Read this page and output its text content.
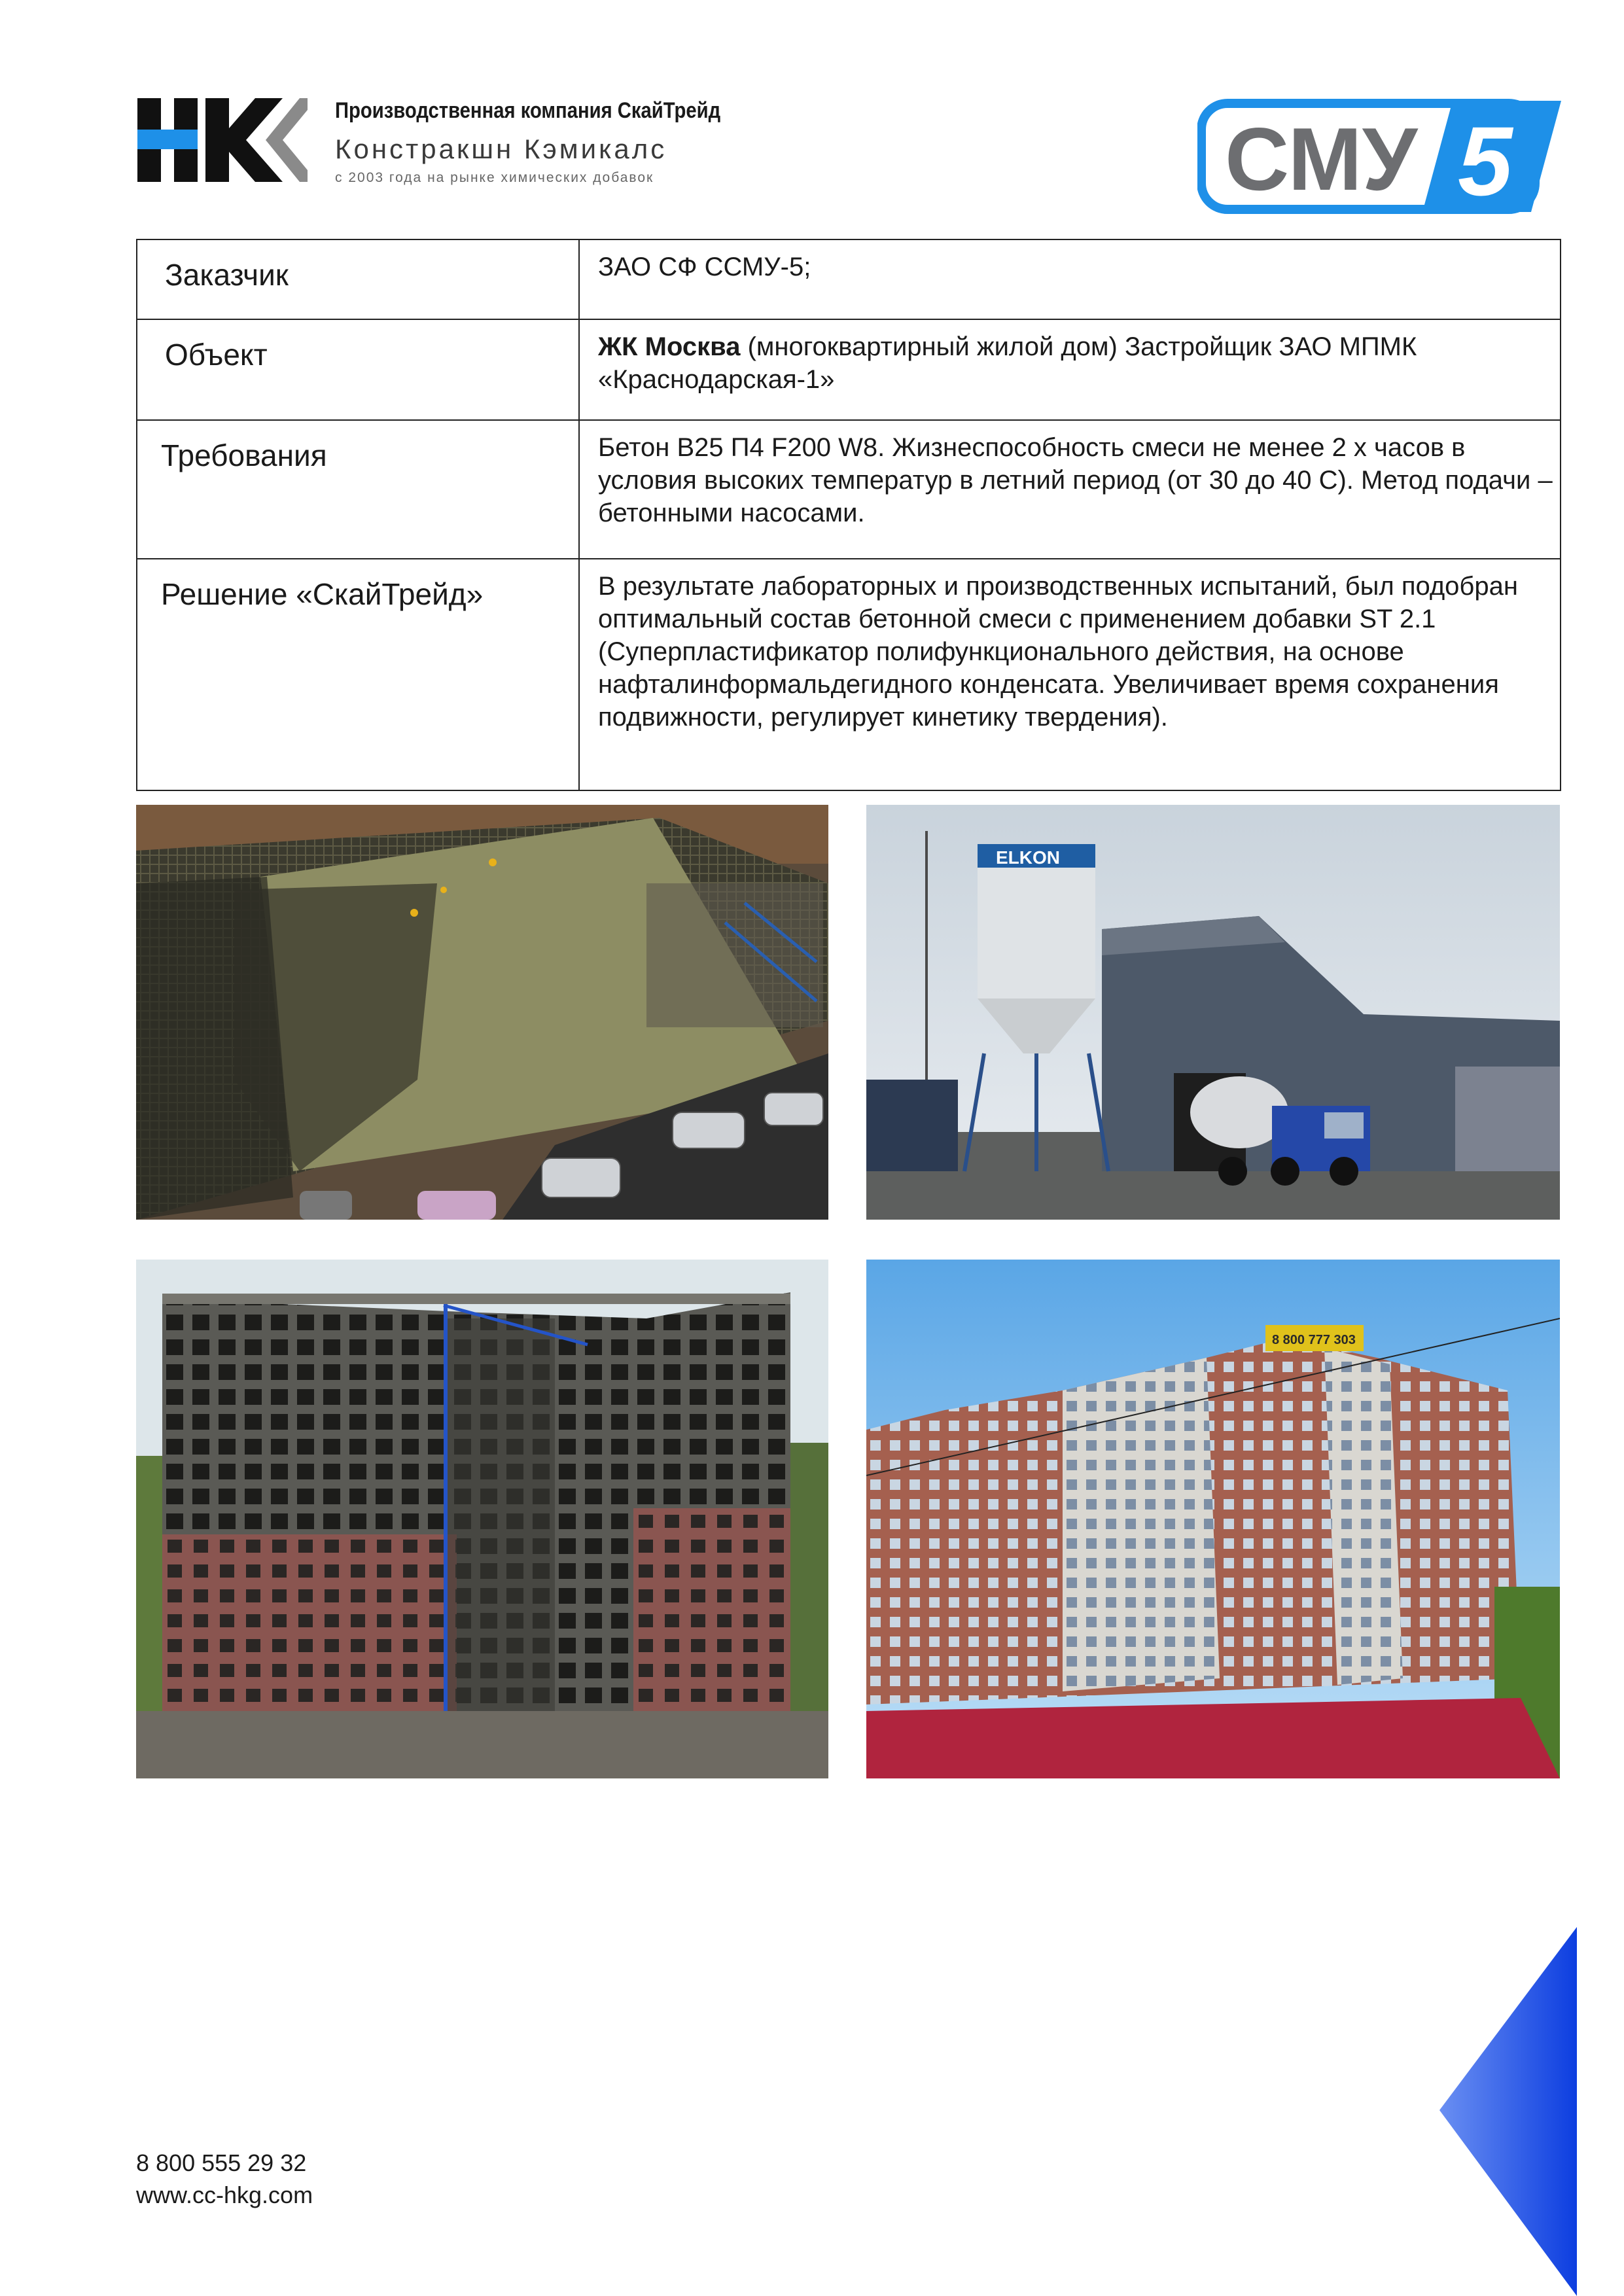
Производственная компания СкайТрейд
Констракшн Кэмикалс
с 2003 года на рынке химических добавок	СМУ 5
Заказчик	ЗАО СФ ССМУ-5;
Объект	ЖК Москва (многоквартирный жилой дом) Застройщик ЗАО МПМК «Краснодарская-1»
Требования	Бетон В25 П4 F200 W8. Жизнеспособность смеси не менее 2 х часов в условия высоких температур в летний период (от 30 до 40 С). Метод подачи – бетонными насосами.
Решение «СкайТрейд»	В результате лабораторных и производственных испытаний, был подобран оптимальный состав бетонной смеси с применением добавки ST 2.1 (Суперпластификатор полифункционального действия, на основе нафталинформальдегидного конденсата. Увеличивает время сохранения подвижности, регулирует кинетику твердения).
ELKON
8 800 777 303
8 800 555 29 32
www.cc-hkg.com
